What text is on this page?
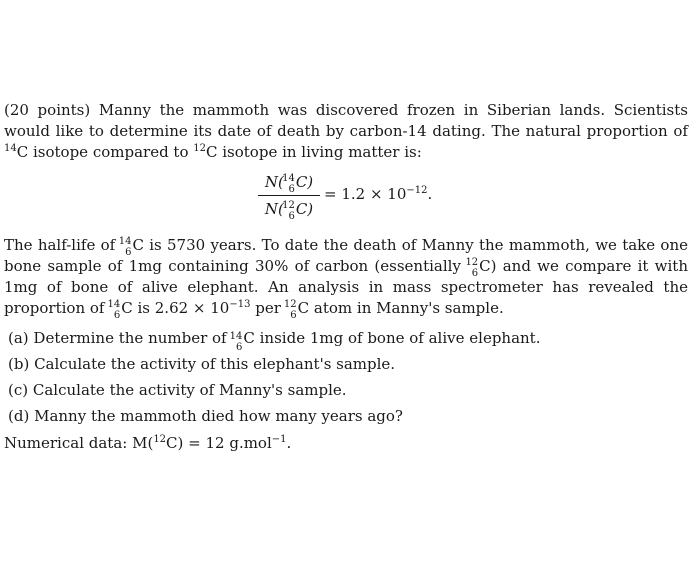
(20 points) Manny the mammoth was discovered frozen in Siberian lands. Scientists would like to determine its date of death by carbon-14 dating. The natural proportion of $^{14}$C isotope compared to $^{12}$C isotope in living matter is:

N(
14
6 C)
N(
12
6 C)
= $1.2 \times 10^{-12}$.

The half-life of
14
6 C is 5730 years. To date the death of Manny the mammoth, we take one bone sample of 1mg containing 30% of carbon (essentially
12
6 C) and we compare it with 1mg of bone of alive elephant. An analysis in mass spectrometer has revealed the proportion of
14
6 C is $2.62 \times 10^{-13}$ per
12
6 C atom in Manny's sample.

(a) Determine the number of
14
6
C inside 1mg of bone of alive elephant.
(b) Calculate the activity of this elephant's sample.
(c) Calculate the activity of Manny's sample.
(d) Manny the mammoth died how many years ago?
Numerical data: M($^{12}$C) = 12 g.mol$^{-1}$.
